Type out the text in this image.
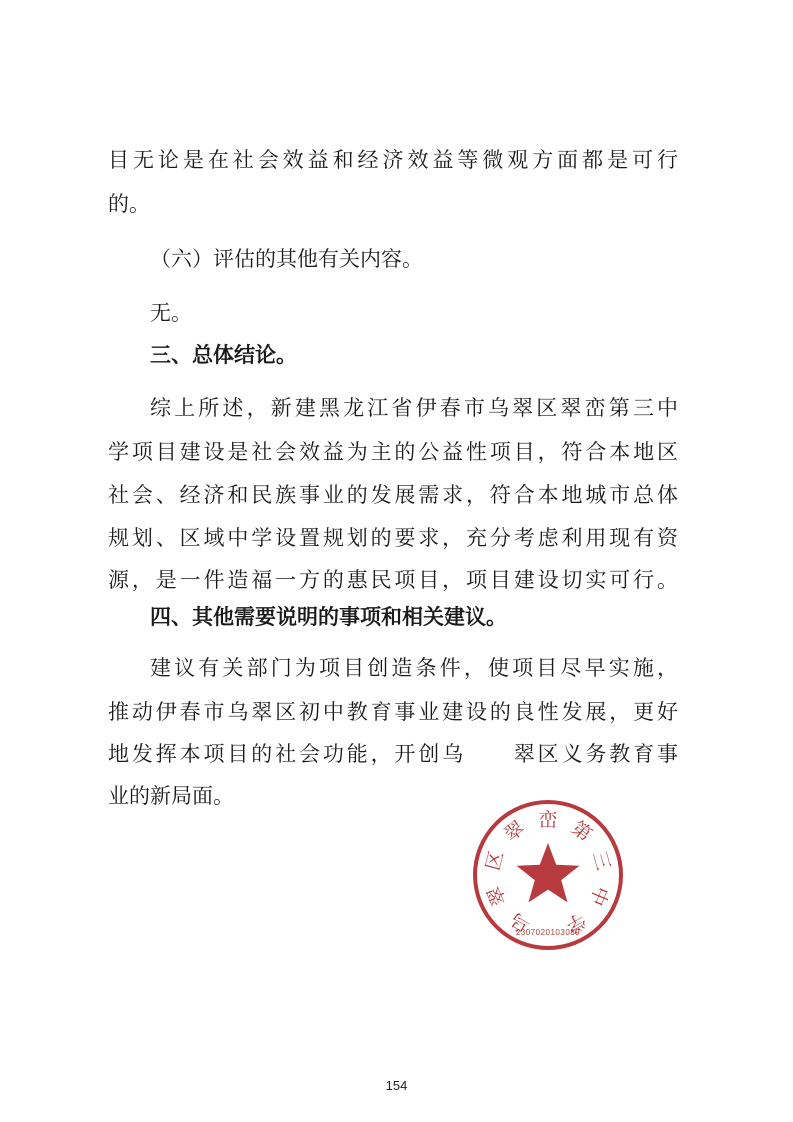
目无论是在社会效益和经济效益等微观方面都是可行
的。
（六）评估的其他有关内容。
无。
三、总体结论。
综上所述，新建黑龙江省伊春市乌翠区翠峦第三中
学项目建设是社会效益为主的公益性项目，符合本地区
社会、经济和民族事业的发展需求，符合本地城市总体
规划、区域中学设置规划的要求，充分考虑利用现有资
源，是一件造福一方的惠民项目，项目建设切实可行。
四、其他需要说明的事项和相关建议。
建议有关部门为项目创造条件，使项目尽早实施，
推动伊春市乌翠区初中教育事业建设的良性发展，更好
地发挥本项目的社会功能，开创乌　　翠区义务教育事
业的新局面。
乌
翠
区
翠 峦 第
三
中
学
2307020103089
154
